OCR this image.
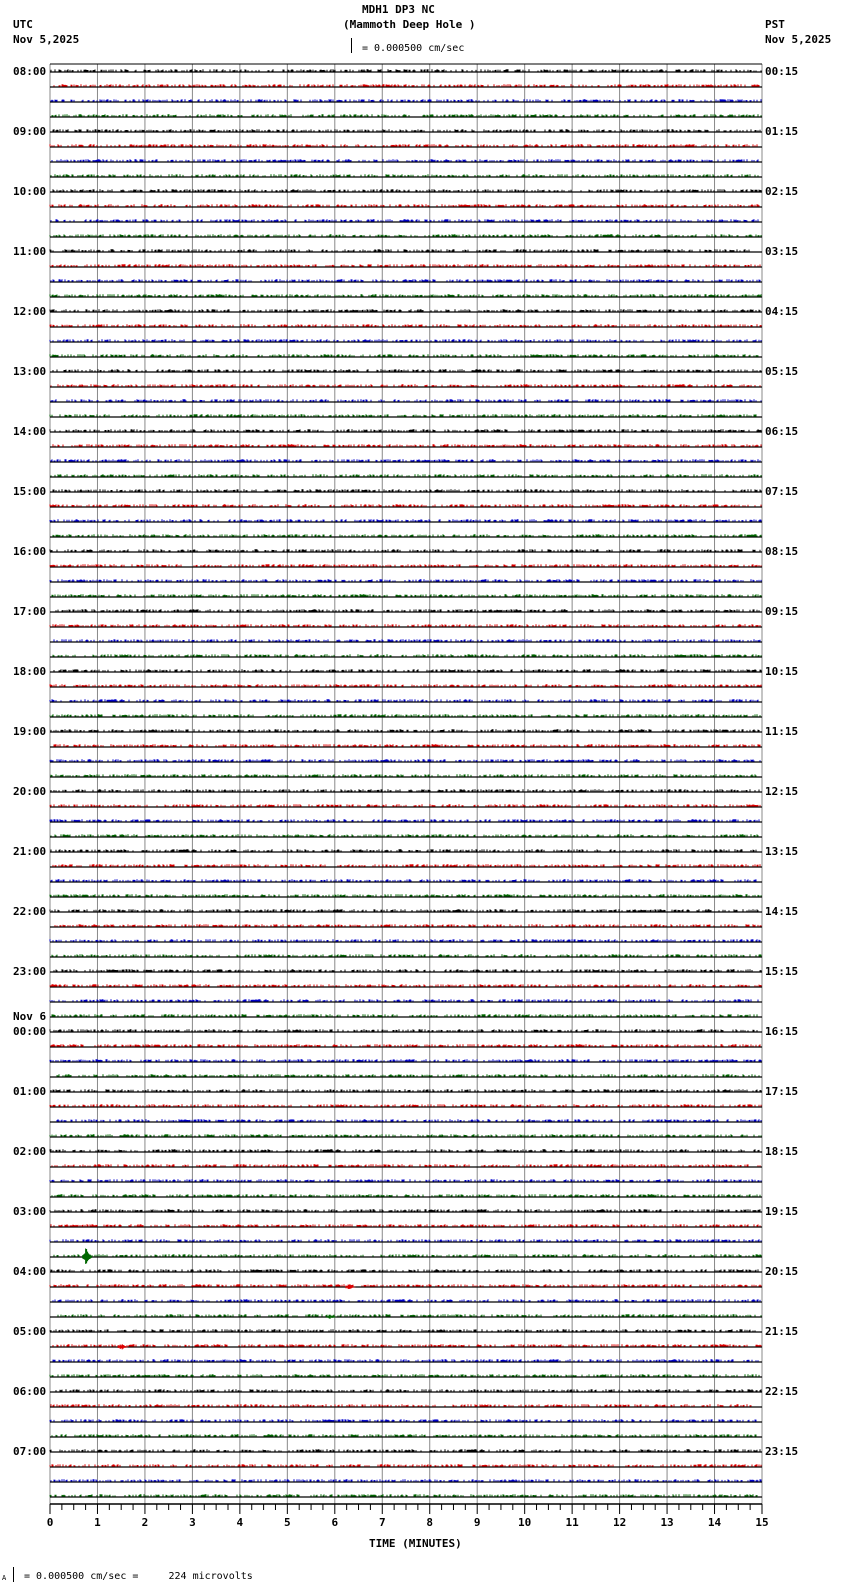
MDH1 DP3 NC
(Mammoth Deep Hole )
= 0.000500 cm/sec
UTC
Nov 5,2025
PST
Nov 5,2025
0	1	2	3	4	5	6	7	8	9	10	11	12	13	14	15
08:00	00:15
09:00	01:15
10:00	02:15
11:00	03:15
12:00	04:15
13:00	05:15
14:00	06:15
15:00	07:15
16:00	08:15
17:00	09:15
18:00	10:15
19:00	11:15
20:00	12:15
21:00	13:15
22:00	14:15
23:00	15:15
00:00	16:15
Nov 6
01:00	17:15
02:00	18:15
03:00	19:15
04:00	20:15
05:00	21:15
06:00	22:15
07:00	23:15
TIME (MINUTES)
A = 0.000500 cm/sec =     224 microvolts
